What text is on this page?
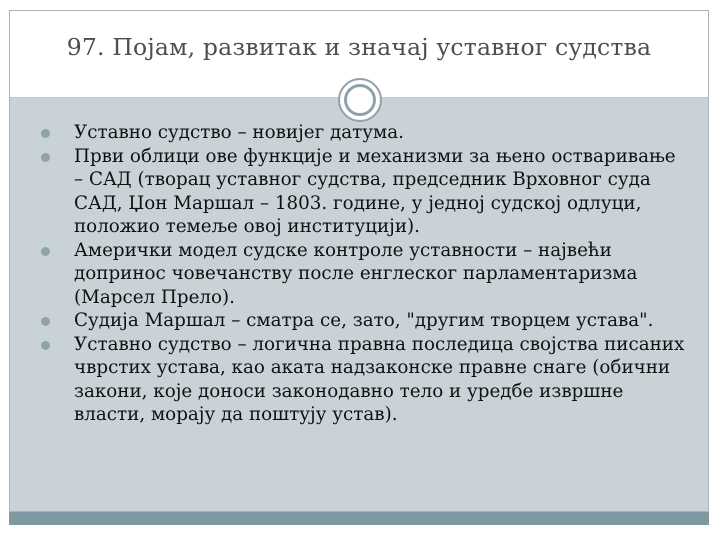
97. Појам, развитак и значај уставног судства
Уставно судство – новијег датума.
Први облици ове функције и механизми за њено остваривање – САД (творац уставног судства, председник Врховног суда САД, Џон Маршал – 1803. године, у једној судској одлуци, положио темеље овој институцији).
Амерички модел судске контроле уставности – највећи допринос човечанству после енглеског парламентаризма (Марсел Прело).
Судија Маршал – сматра се, зато, "другим творцем устава".
Уставно судство – логична правна последица својства писаних чврстих устава, као аката надзаконске правне снаге (обични закони, које доноси законодавно тело и уредбе извршне власти, морају да поштују устав).
